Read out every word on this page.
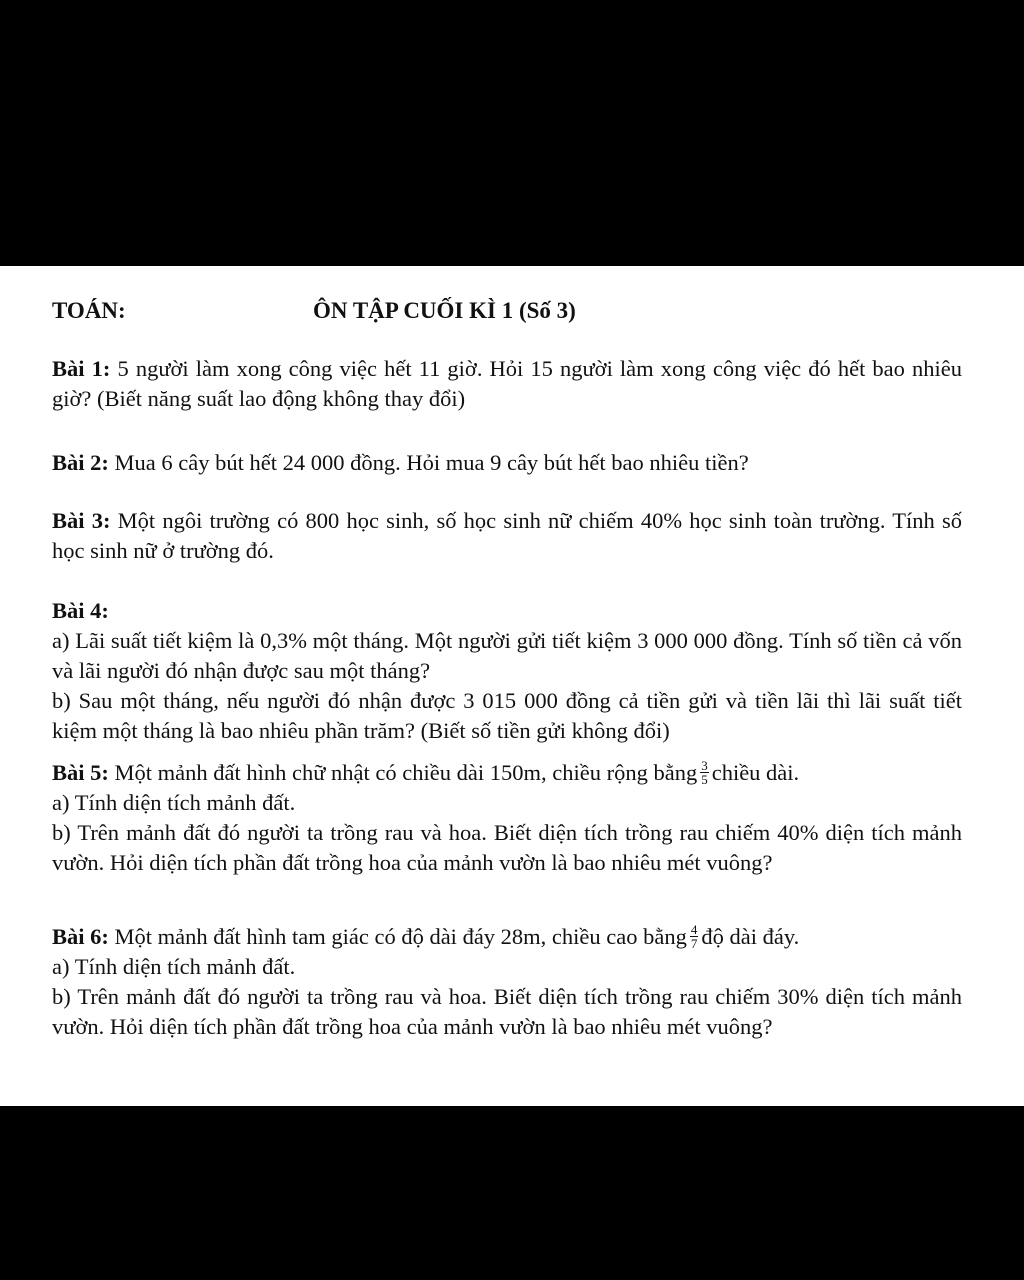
TOÁN:	ÔN TẬP CUỐI KÌ 1 (Số 3)
Bài 1: 5 người làm xong công việc hết 11 giờ. Hỏi 15 người làm xong công việc đó hết bao nhiêu giờ? (Biết năng suất lao động không thay đổi)
Bài 2: Mua 6 cây bút hết 24 000 đồng. Hỏi mua 9 cây bút hết bao nhiêu tiền?
Bài 3: Một ngôi trường có 800 học sinh, số học sinh nữ chiếm 40% học sinh toàn trường. Tính số học sinh nữ ở trường đó.
Bài 4:
a) Lãi suất tiết kiệm là 0,3% một tháng. Một người gửi tiết kiệm 3 000 000 đồng. Tính số tiền cả vốn và lãi người đó nhận được sau một tháng?
b) Sau một tháng, nếu người đó nhận được 3 015 000 đồng cả tiền gửi và tiền lãi thì lãi suất tiết kiệm một tháng là bao nhiêu phần trăm? (Biết số tiền gửi không đổi)
Bài 5: Một mảnh đất hình chữ nhật có chiều dài 150m, chiều rộng bằng $\frac{3}{5}$ chiều dài.
a) Tính diện tích mảnh đất.
b) Trên mảnh đất đó người ta trồng rau và hoa. Biết diện tích trồng rau chiếm 40% diện tích mảnh vườn. Hỏi diện tích phần đất trồng hoa của mảnh vườn là bao nhiêu mét vuông?
Bài 6: Một mảnh đất hình tam giác có độ dài đáy 28m, chiều cao bằng $\frac{4}{7}$ độ dài đáy.
a) Tính diện tích mảnh đất.
b) Trên mảnh đất đó người ta trồng rau và hoa. Biết diện tích trồng rau chiếm 30% diện tích mảnh vườn. Hỏi diện tích phần đất trồng hoa của mảnh vườn là bao nhiêu mét vuông?
